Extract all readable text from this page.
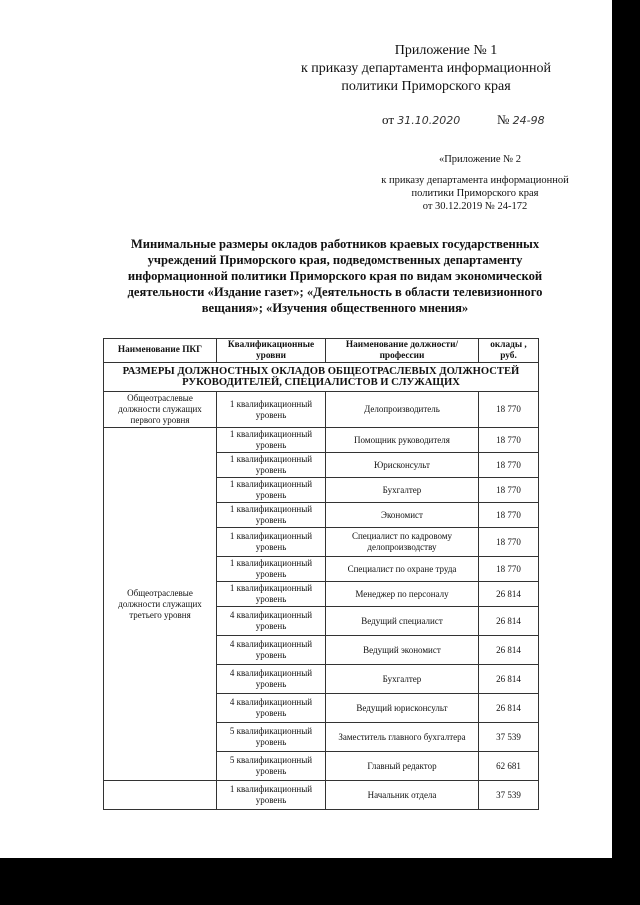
Приложение № 1
к приказу департамента информационной
политики Приморского края
от 31.10.2020	№ 24-98
«Приложение № 2
к приказу департамента информационной
политики Приморского края
от 30.12.2019 № 24-172
Минимальные размеры окладов работников краевых государственных учреждений Приморского края, подведомственных департаменту информационной политики Приморского края по видам экономической деятельности «Издание газет»; «Деятельность в области телевизионного вещания»; «Изучения общественного мнения»
Наименование ПКГ	Квалификационные уровни	Наименование должности/профессии	оклады , руб.
РАЗМЕРЫ ДОЛЖНОСТНЫХ ОКЛАДОВ ОБЩЕОТРАСЛЕВЫХ ДОЛЖНОСТЕЙ РУКОВОДИТЕЛЕЙ, СПЕЦИАЛИСТОВ И СЛУЖАЩИХ			
Общеотраслевые должности служащих первого уровня	1 квалификационный уровень	Делопроизводитель	18 770
Общеотраслевые должности служащих третьего уровня	1 квалификационный уровень	Помощник руководителя	18 770
	1 квалификационный уровень	Юрисконсульт	18 770
	1 квалификационный уровень	Бухгалтер	18 770
	1 квалификационный уровень	Экономист	18 770
	1 квалификационный уровень	Специалист по кадровому делопроизводству	18 770
	1 квалификационный уровень	Специалист по охране труда	18 770
	1 квалификационный уровень	Менеджер по персоналу	26 814
	4 квалификационный уровень	Ведущий специалист	26 814
	4 квалификационный уровень	Ведущий экономист	26 814
	4 квалификационный уровень	Бухгалтер	26 814
	4 квалификационный уровень	Ведущий юрисконсульт	26 814
	5 квалификационный уровень	Заместитель главного бухгалтера	37 539
	5 квалификационный уровень	Главный редактор	62 681
	1 квалификационный уровень	Начальник отдела	37 539
